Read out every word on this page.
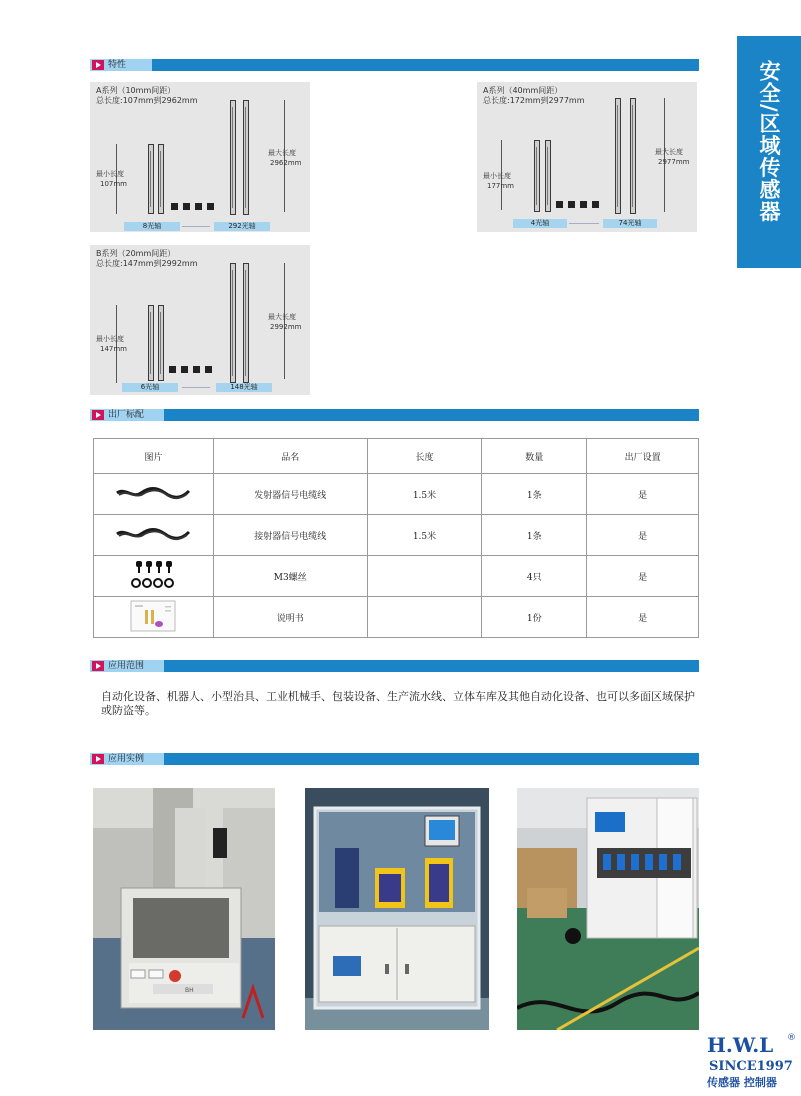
安全/区域传感器
特性
A系列（10mm间距）
总长度:107mm到2962mm
最小长度
107mm
最大长度
2962mm
8光轴	292光轴
A系列（40mm间距）
总长度:172mm到2977mm
最小长度
177mm
最大长度
2977mm
4光轴	74光轴
B系列（20mm间距）
总长度:147mm到2992mm
最小长度
147mm
最大长度
2992mm
6光轴	148光轴
出厂标配
图片	品名	长度	数量	出厂设置
	发射器信号电缆线	1.5米	1条	是
	接射器信号电缆线	1.5米	1条	是
	M3螺丝		4只	是
	说明书		1份	是
应用范围
自动化设备、机器人、小型治具、工业机械手、包装设备、生产流水线、立体车库及其他自动化设备、也可以多面区域保护或防盗等。
应用实例
BH
H.W.L ®
SINCE1997
传感器 控制器
